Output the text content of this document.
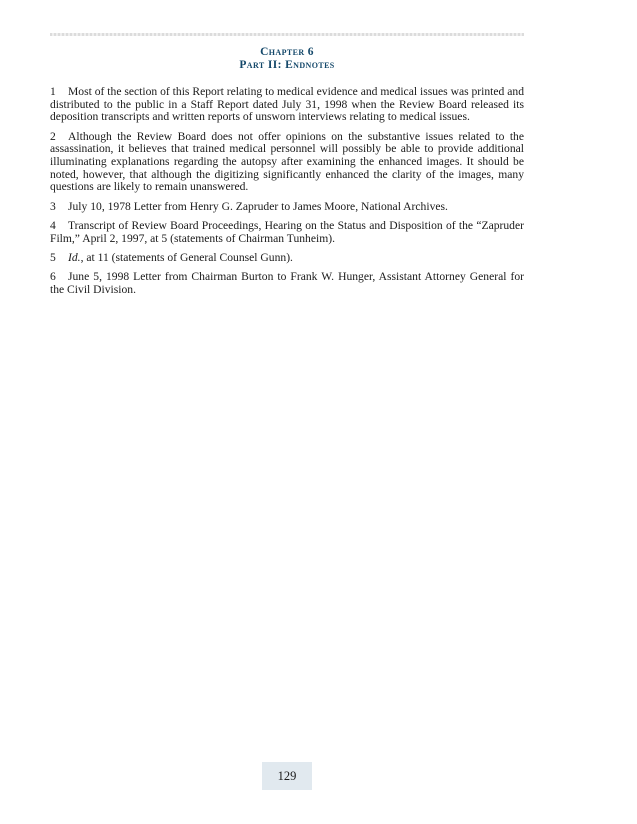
Chapter 6
Part II: Endnotes

1 Most of the section of this Report relating to medical evidence and medical issues was printed and distributed to the public in a Staff Report dated July 31, 1998 when the Review Board released its deposition transcripts and written reports of unsworn interviews relating to medical issues.

2 Although the Review Board does not offer opinions on the substantive issues related to the assassination, it believes that trained medical personnel will possibly be able to provide additional illuminating explanations regarding the autopsy after examining the enhanced images. It should be noted, however, that although the digitizing significantly enhanced the clarity of the images, many questions are likely to remain unanswered.

3 July 10, 1978 Letter from Henry G. Zapruder to James Moore, National Archives.

4 Transcript of Review Board Proceedings, Hearing on the Status and Disposition of the “Zapruder Film,” April 2, 1997, at 5 (statements of Chairman Tunheim).

5 Id., at 11 (statements of General Counsel Gunn).

6 June 5, 1998 Letter from Chairman Burton to Frank W. Hunger, Assistant Attorney General for the Civil Division.

129
